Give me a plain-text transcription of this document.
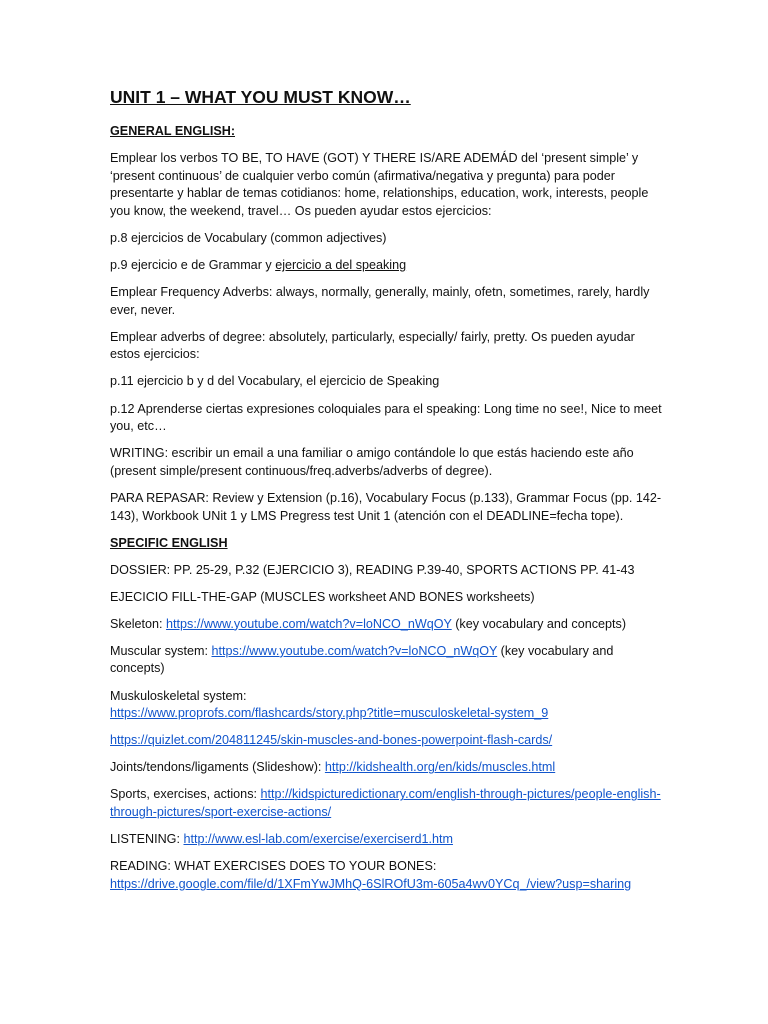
UNIT 1 – WHAT YOU MUST KNOW…
GENERAL ENGLISH:

Emplear los verbos TO BE, TO HAVE (GOT) Y THERE IS/ARE ADEMÁD del ‘present simple’ y ‘present continuous’ de cualquier verbo común (afirmativa/negativa y pregunta) para poder presentarte y hablar de temas cotidianos: home, relationships, education, work, interests, people you know, the weekend, travel… Os pueden ayudar estos ejercicios:

p.8 ejercicios de Vocabulary (common adjectives)

p.9 ejercicio e de Grammar y ejercicio a del speaking

Emplear Frequency Adverbs: always, normally, generally, mainly, ofetn, sometimes, rarely, hardly ever, never.

Emplear adverbs of degree: absolutely, particularly, especially/ fairly, pretty. Os pueden ayudar estos ejercicios:

p.11 ejercicio b y d del Vocabulary, el ejercicio de Speaking

p.12 Aprenderse ciertas expresiones coloquiales para el speaking: Long time no see!, Nice to meet you, etc…

WRITING: escribir un email a una familiar o amigo contándole lo que estás haciendo este año (present simple/present continuous/freq.adverbs/adverbs of degree).

PARA REPASAR: Review y Extension (p.16), Vocabulary Focus (p.133), Grammar Focus (pp. 142-143), Workbook UNit 1 y LMS Pregress test Unit 1 (atención con el DEADLINE=fecha tope).

SPECIFIC ENGLISH

DOSSIER: PP. 25-29, P.32 (EJERCICIO 3), READING P.39-40, SPORTS ACTIONS PP. 41-43

EJECICIO FILL-THE-GAP (MUSCLES worksheet AND BONES worksheets)

Skeleton: https://www.youtube.com/watch?v=loNCO_nWqOY (key vocabulary and concepts)

Muscular system: https://www.youtube.com/watch?v=loNCO_nWqOY (key vocabulary and concepts)

Muskuloskeletal system:
https://www.proprofs.com/flashcards/story.php?title=musculoskeletal-system_9

https://quizlet.com/204811245/skin-muscles-and-bones-powerpoint-flash-cards/

Joints/tendons/ligaments (Slideshow): http://kidshealth.org/en/kids/muscles.html

Sports, exercises, actions: http://kidspicturedictionary.com/english-through-pictures/people-english-through-pictures/sport-exercise-actions/

LISTENING: http://www.esl-lab.com/exercise/exerciserd1.htm

READING: WHAT EXERCISES DOES TO YOUR BONES:
https://drive.google.com/file/d/1XFmYwJMhQ-6SlROfU3m-605a4wv0YCq_/view?usp=sharing
